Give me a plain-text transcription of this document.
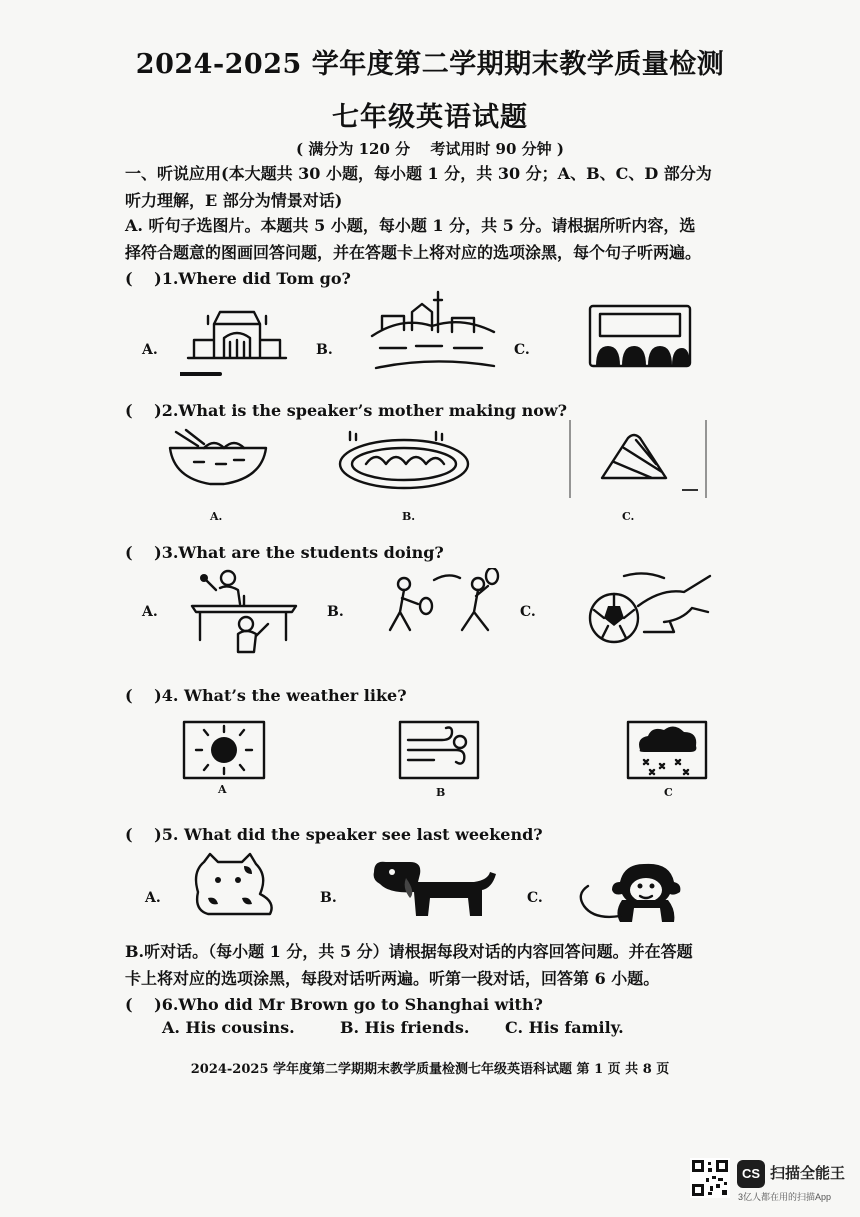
2024-2025 学年度第二学期期末教学质量检测
七年级英语试题
( 满分为 120 分　 考试用时 90 分钟 )
一、听说应用(本大题共 30 小题，每小题 1 分，共 30 分；A、B、C、D 部分为
听力理解，E 部分为情景对话)
A. 听句子选图片。本题共 5 小题，每小题 1 分，共 5 分。请根据所听内容，选
择符合题意的图画回答问题，并在答题卡上将对应的选项涂黑，每个句子听两遍。
(　 )1.Where did Tom go?
A.	B.	C.
(　 )2.What is the speaker’s mother making now?
A.	B.	C.
(　 )3.What are the students doing?
A.	B.	C.
(　 )4. What’s the weather like?
A	B	C
(　 )5. What did the speaker see last weekend?
A.	B.	C.
B.听对话。（每小题 1 分，共 5 分）请根据每段对话的内容回答问题。并在答题
卡上将对应的选项涂黑，每段对话听两遍。听第一段对话，回答第 6 小题。
(　 )6.Who did Mr Brown go to Shanghai with?
A. His cousins.	B. His friends. C. His family.
2024-2025 学年度第二学期期末教学质量检测七年级英语科试题 第 1 页 共 8 页
CS 扫描全能王
3亿人都在用的扫描App
